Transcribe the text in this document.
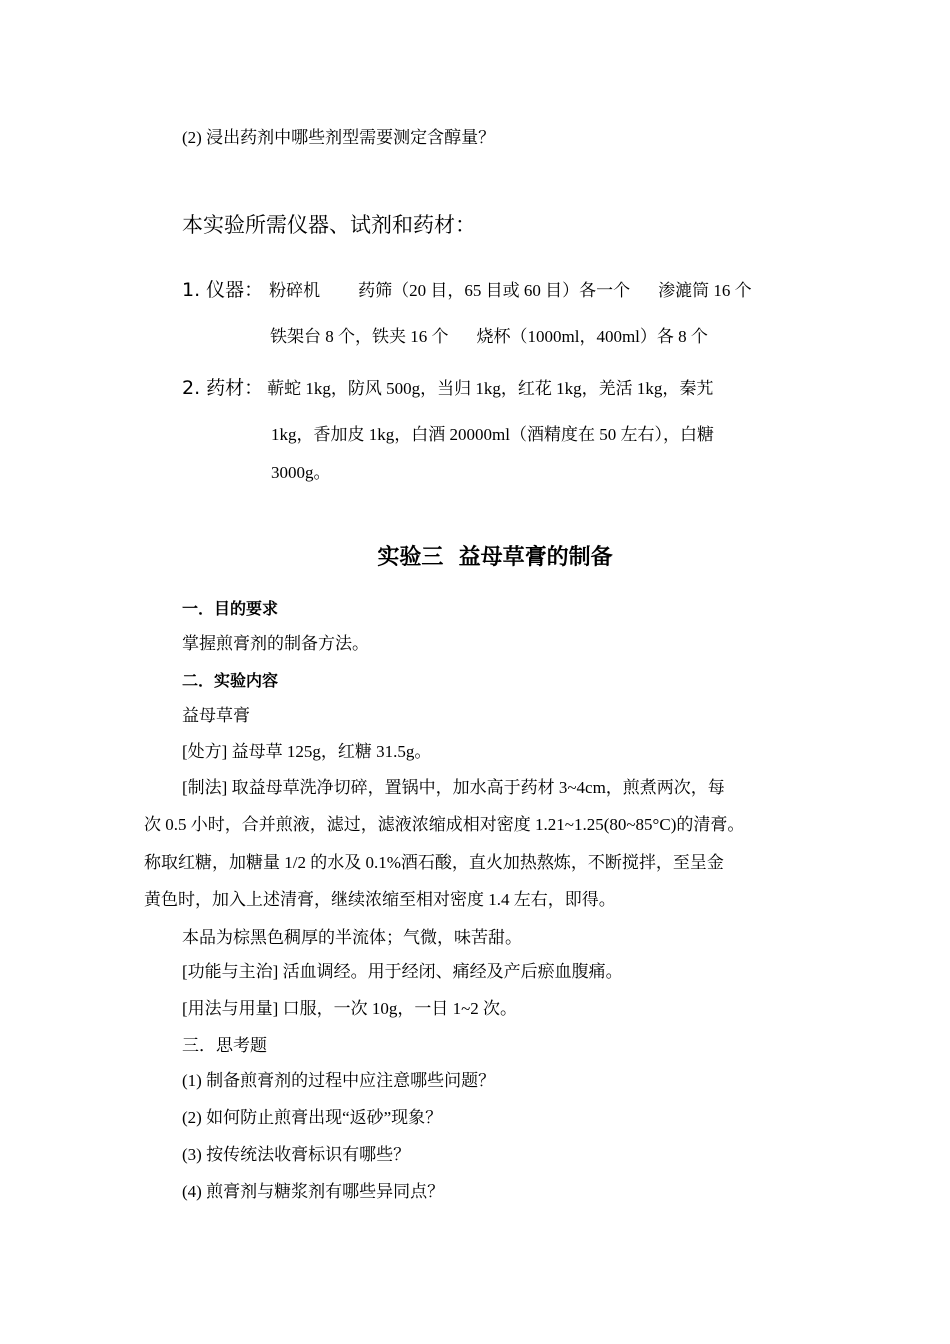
(2) 浸出药剂中哪些剂型需要测定含醇量？
本实验所需仪器、试剂和药材：
1. 仪器： 粉碎机 药筛（20 目，65 目或 60 目）各一个 渗漉筒 16 个
铁架台 8 个，铁夹 16 个 烧杯（1000ml，400ml）各 8 个
2. 药材： 蕲蛇 1kg，防风 500g，当归 1kg，红花 1kg，羌活 1kg，秦艽
1kg，香加皮 1kg，白酒 20000ml（酒精度在 50 左右），白糖
3000g。
实验三  益母草膏的制备
一．目的要求
掌握煎膏剂的制备方法。
二．实验内容
益母草膏
[处方] 益母草 125g，红糖 31.5g。
[制法] 取益母草洗净切碎，置锅中，加水高于药材 3~4cm，煎煮两次，每
次 0.5 小时，合并煎液，滤过，滤液浓缩成相对密度 1.21~1.25(80~85°C)的清膏。
称取红糖，加糖量 1/2 的水及 0.1%酒石酸，直火加热熬炼，不断搅拌，至呈金
黄色时，加入上述清膏，继续浓缩至相对密度 1.4 左右，即得。
本品为棕黑色稠厚的半流体；气微，味苦甜。
[功能与主治] 活血调经。用于经闭、痛经及产后瘀血腹痛。
[用法与用量] 口服，一次 10g，一日 1~2 次。
三．思考题
(1) 制备煎膏剂的过程中应注意哪些问题？
(2) 如何防止煎膏出现“返砂”现象？
(3) 按传统法收膏标识有哪些？
(4) 煎膏剂与糖浆剂有哪些异同点？
